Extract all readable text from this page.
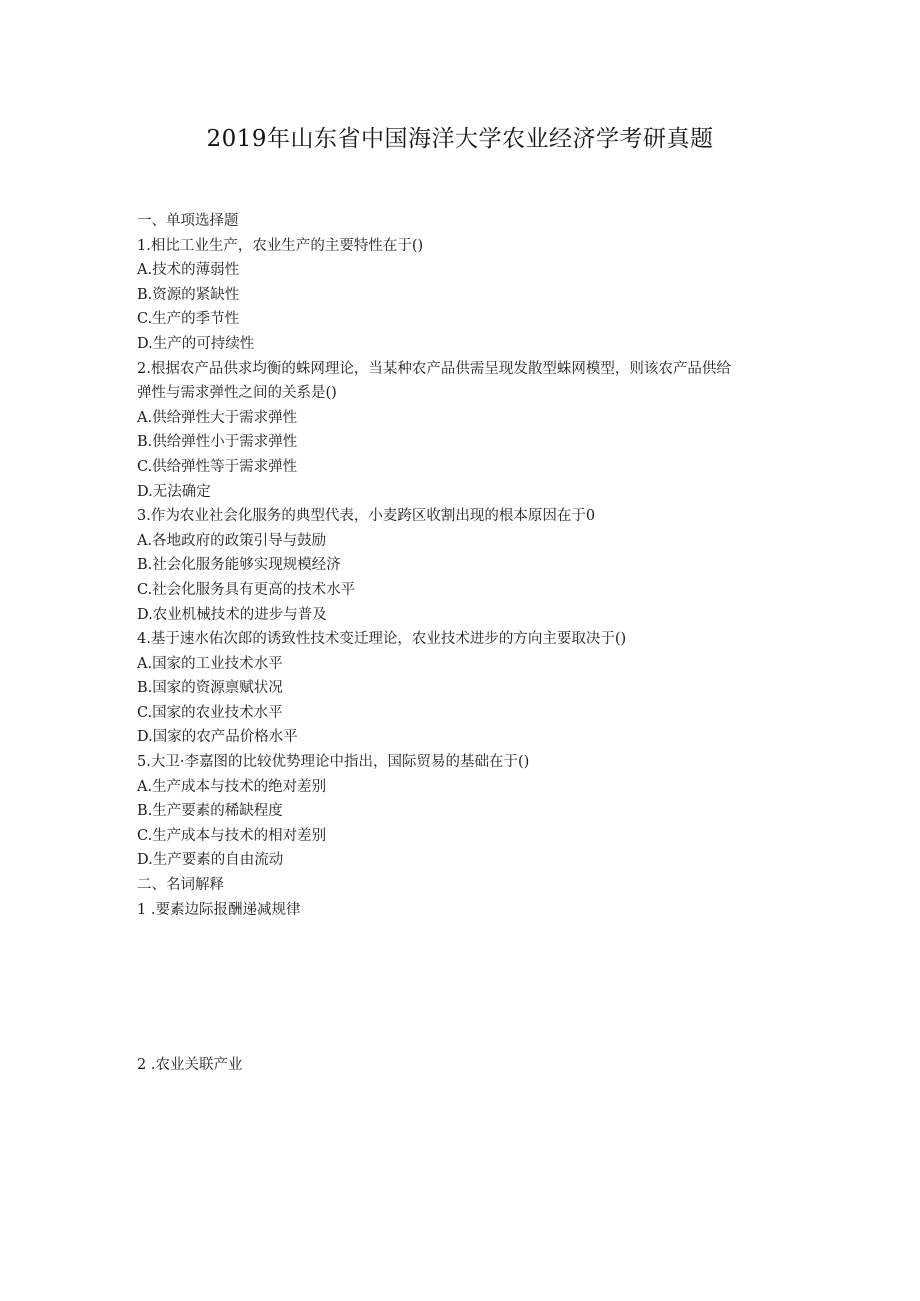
2019年山东省中国海洋大学农业经济学考研真题
一、单项选择题
1.相比工业生产，农业生产的主要特性在于()
A.技术的薄弱性
B.资源的紧缺性
C.生产的季节性
D.生产的可持续性
2.根据农产品供求均衡的蛛网理论，当某种农产品供需呈现发散型蛛网模型，则该农产品供给
弹性与需求弹性之间的关系是()
A.供给弹性大于需求弹性
B.供给弹性小于需求弹性
C.供给弹性等于需求弹性
D.无法确定
3.作为农业社会化服务的典型代表，小麦跨区收割出现的根本原因在于0
A.各地政府的政策引导与鼓励
B.社会化服务能够实现规模经济
C.社会化服务具有更高的技术水平
D.农业机械技术的进步与普及
4.基于速水佑次郎的诱致性技术变迁理论，农业技术进步的方向主要取决于()
A.国家的工业技术水平
B.国家的资源禀赋状况
C.国家的农业技术水平
D.国家的农产品价格水平
5.大卫·李嘉图的比较优势理论中指出，国际贸易的基础在于()
A.生产成本与技术的绝对差别
B.生产要素的稀缺程度
C.生产成本与技术的相对差别
D.生产要素的自由流动
二、名词解释
1 .要素边际报酬递减规律
2 .农业关联产业
